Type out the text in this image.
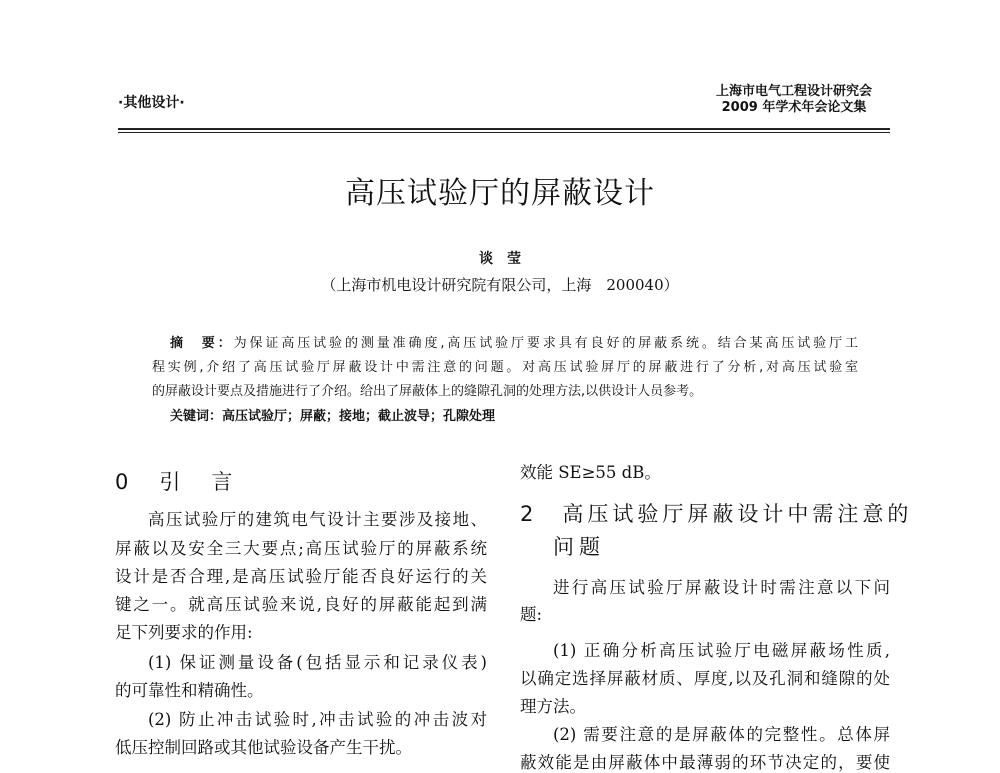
·其他设计·
上海市电气工程设计研究会
2009 年学术年会论文集
高压试验厅的屏蔽设计
谈　莹
（上海市机电设计研究院有限公司，上海　200040）
摘　要：为保证高压试验的测量准确度,高压试验厅要求具有良好的屏蔽系统。结合某高压试验厅工
程实例,介绍了高压试验厅屏蔽设计中需注意的问题。对高压试验屏厅的屏蔽进行了分析,对高压试验室
的屏蔽设计要点及措施进行了介绍。给出了屏蔽体上的缝隙孔洞的处理方法,以供设计人员参考。
关键词：高压试验厅；屏蔽；接地；截止波导；孔隙处理
0　引　言
高压试验厅的建筑电气设计主要涉及接地、
屏蔽以及安全三大要点;高压试验厅的屏蔽系统
设计是否合理,是高压试验厅能否良好运行的关
键之一。就高压试验来说,良好的屏蔽能起到满
足下列要求的作用:
(1) 保证测量设备(包括显示和记录仪表)
的可靠性和精确性。
(2) 防止冲击试验时,冲击试验的冲击波对
低压控制回路或其他试验设备产生干扰。
效能 SE≥55 dB。
2　高压试验厅屏蔽设计中需注意的
问题
进行高压试验厅屏蔽设计时需注意以下问
题:
(1) 正确分析高压试验厅电磁屏蔽场性质,
以确定选择屏蔽材质、厚度,以及孔洞和缝隙的处
理方法。
(2) 需要注意的是屏蔽体的完整性。总体屏
蔽效能是由屏蔽体中最薄弱的环节决定的，要使
